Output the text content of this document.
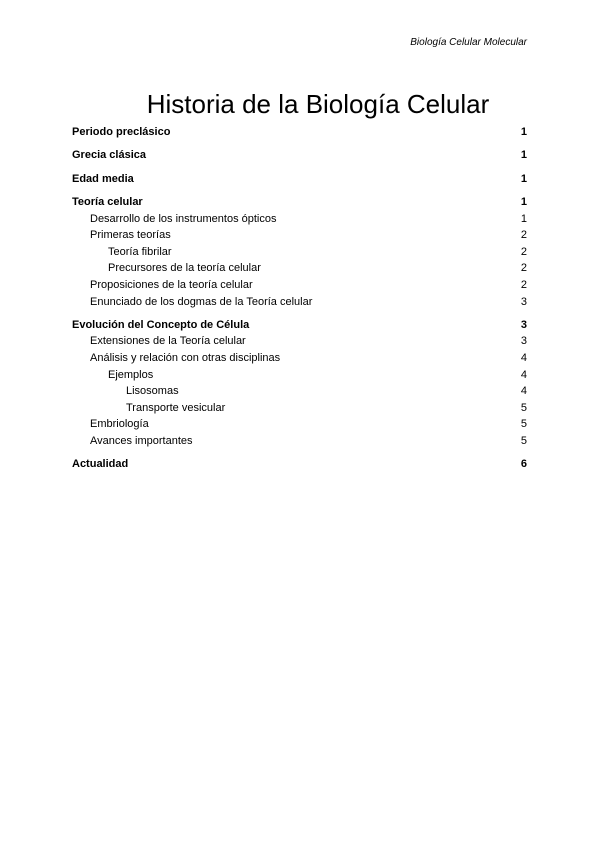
Biología Celular Molecular
Historia de la Biología Celular
Periodo preclásico	1
Grecia clásica	1
Edad media	1
Teoría celular	1
Desarrollo de los instrumentos ópticos	1
Primeras teorías	2
Teoría fibrilar	2
Precursores de la teoría celular	2
Proposiciones de la teoría celular	2
Enunciado de los dogmas de la Teoría celular	3
Evolución del Concepto de Célula	3
Extensiones de la Teoría celular	3
Análisis y relación con otras disciplinas	4
Ejemplos	4
Lisosomas	4
Transporte vesicular	5
Embriología	5
Avances importantes	5
Actualidad	6
